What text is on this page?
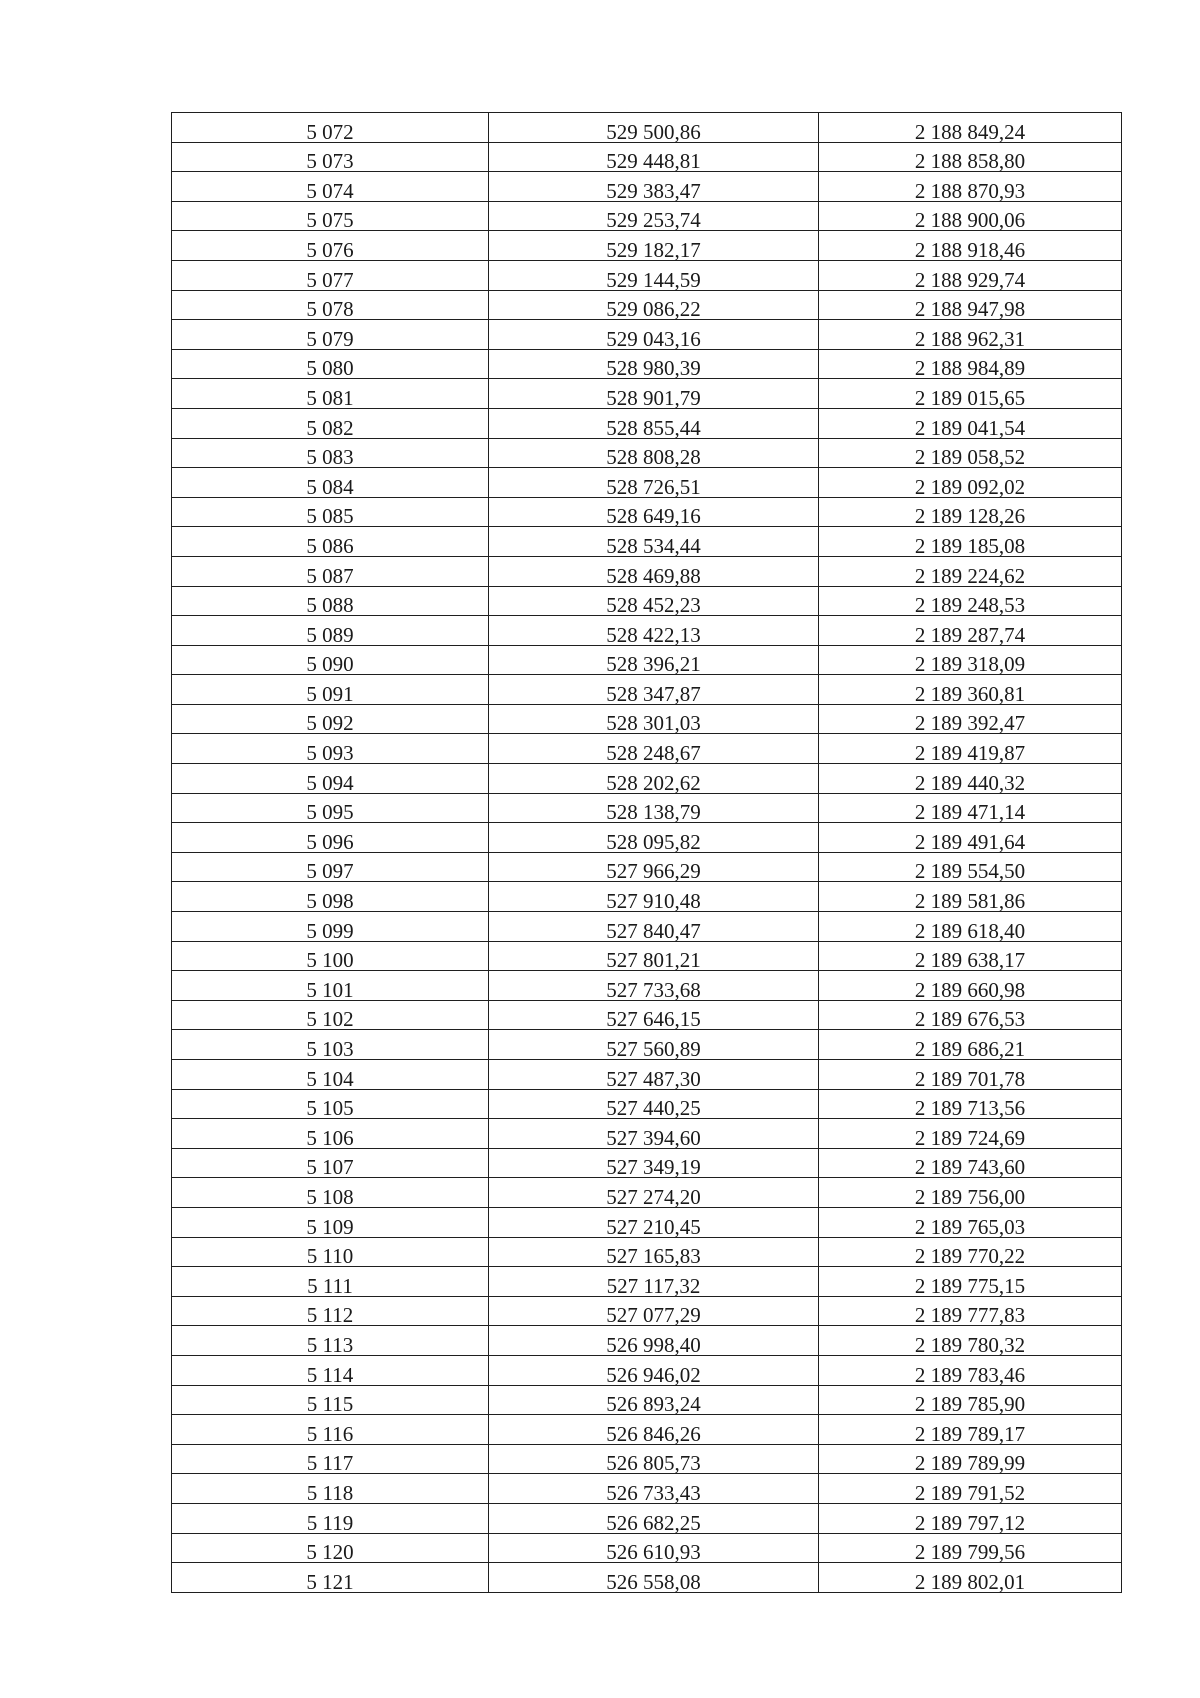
5 072	529 500,86	2 188 849,24
5 073	529 448,81	2 188 858,80
5 074	529 383,47	2 188 870,93
5 075	529 253,74	2 188 900,06
5 076	529 182,17	2 188 918,46
5 077	529 144,59	2 188 929,74
5 078	529 086,22	2 188 947,98
5 079	529 043,16	2 188 962,31
5 080	528 980,39	2 188 984,89
5 081	528 901,79	2 189 015,65
5 082	528 855,44	2 189 041,54
5 083	528 808,28	2 189 058,52
5 084	528 726,51	2 189 092,02
5 085	528 649,16	2 189 128,26
5 086	528 534,44	2 189 185,08
5 087	528 469,88	2 189 224,62
5 088	528 452,23	2 189 248,53
5 089	528 422,13	2 189 287,74
5 090	528 396,21	2 189 318,09
5 091	528 347,87	2 189 360,81
5 092	528 301,03	2 189 392,47
5 093	528 248,67	2 189 419,87
5 094	528 202,62	2 189 440,32
5 095	528 138,79	2 189 471,14
5 096	528 095,82	2 189 491,64
5 097	527 966,29	2 189 554,50
5 098	527 910,48	2 189 581,86
5 099	527 840,47	2 189 618,40
5 100	527 801,21	2 189 638,17
5 101	527 733,68	2 189 660,98
5 102	527 646,15	2 189 676,53
5 103	527 560,89	2 189 686,21
5 104	527 487,30	2 189 701,78
5 105	527 440,25	2 189 713,56
5 106	527 394,60	2 189 724,69
5 107	527 349,19	2 189 743,60
5 108	527 274,20	2 189 756,00
5 109	527 210,45	2 189 765,03
5 110	527 165,83	2 189 770,22
5 111	527 117,32	2 189 775,15
5 112	527 077,29	2 189 777,83
5 113	526 998,40	2 189 780,32
5 114	526 946,02	2 189 783,46
5 115	526 893,24	2 189 785,90
5 116	526 846,26	2 189 789,17
5 117	526 805,73	2 189 789,99
5 118	526 733,43	2 189 791,52
5 119	526 682,25	2 189 797,12
5 120	526 610,93	2 189 799,56
5 121	526 558,08	2 189 802,01
